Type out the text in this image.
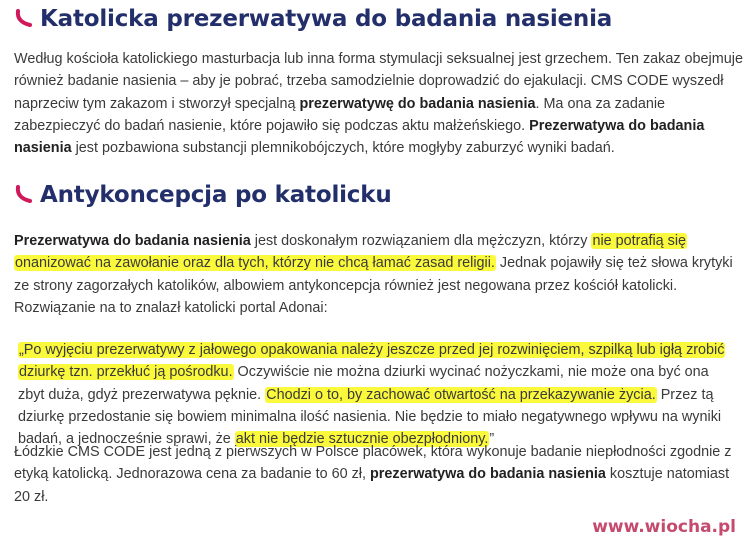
Katolicka prezerwatywa do badania nasienia
Według kościoła katolickiego masturbacja lub inna forma stymulacji seksualnej jest grzechem. Ten zakaz obejmuje również badanie nasienia – aby je pobrać, trzeba samodzielnie doprowadzić do ejakulacji. CMS CODE wyszedł naprzeciw tym zakazom i stworzył specjalną prezerwatywę do badania nasienia. Ma ona za zadanie zabezpieczyć do badań nasienie, które pojawiło się podczas aktu małżeńskiego. Prezerwatywa do badania nasienia jest pozbawiona substancji plemnikobójczych, które mogłyby zaburzyć wyniki badań.
Antykoncepcja po katolicku
Prezerwatywa do badania nasienia jest doskonałym rozwiązaniem dla mężczyzn, którzy nie potrafią się onanizować na zawołanie oraz dla tych, którzy nie chcą łamać zasad religii. Jednak pojawiły się też słowa krytyki ze strony zagorzałych katolików, albowiem antykoncepcja również jest negowana przez kościół katolicki. Rozwiązanie na to znalazł katolicki portal Adonai:
„Po wyjęciu prezerwatywy z jałowego opakowania należy jeszcze przed jej rozwinięciem, szpilką lub igłą zrobić dziurkę tzn. przekłuć ją pośrodku. Oczywiście nie można dziurki wycinać nożyczkami, nie może ona być ona zbyt duża, gdyż prezerwatywa pęknie. Chodzi o to, by zachować otwartość na przekazywanie życia. Przez tą dziurkę przedostanie się bowiem minimalna ilość nasienia. Nie będzie to miało negatywnego wpływu na wyniki badań, a jednocześnie sprawi, że akt nie będzie sztucznie obezpłodniony.”
Łódzkie CMS CODE jest jedną z pierwszych w Polsce placówek, która wykonuje badanie niepłodności zgodnie z etyką katolicką. Jednorazowa cena za badanie to 60 zł, prezerwatywa do badania nasienia kosztuje natomiast 20 zł.
www.wiocha.pl
